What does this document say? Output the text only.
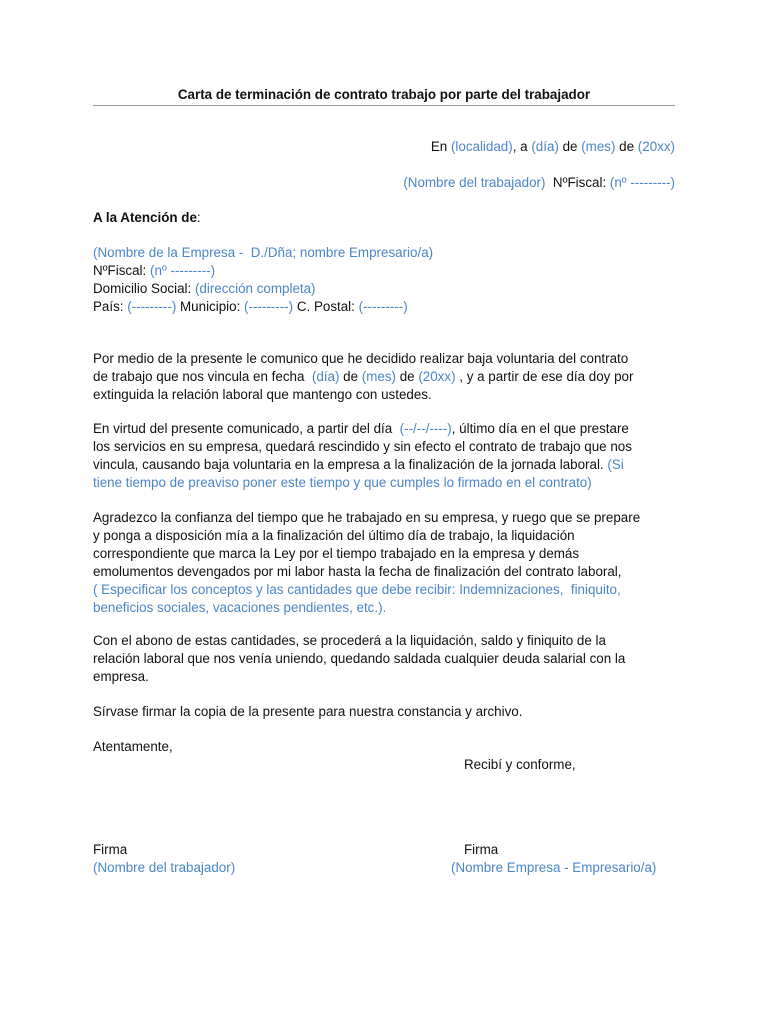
Carta de terminación de contrato trabajo por parte del trabajador
En (localidad), a (día) de (mes) de (20xx)
(Nombre del trabajador)  NºFiscal: (nº ---------)
A la Atención de:
(Nombre de la Empresa -  D./Dña; nombre Empresario/a)
NºFiscal: (nº ---------)
Domicilio Social: (dirección completa)
País: (---------) Municipio: (---------) C. Postal: (---------)
Por medio de la presente le comunico que he decidido realizar baja voluntaria del contrato
de trabajo que nos vincula en fecha  (día) de (mes) de (20xx) , y a partir de ese día doy por
extinguida la relación laboral que mantengo con ustedes.
En virtud del presente comunicado, a partir del día  (--/--/----), último día en el que prestare
los servicios en su empresa, quedará rescindido y sin efecto el contrato de trabajo que nos
vincula, causando baja voluntaria en la empresa a la finalización de la jornada laboral. (Si
tiene tiempo de preaviso poner este tiempo y que cumples lo firmado en el contrato)
Agradezco la confianza del tiempo que he trabajado en su empresa, y ruego que se prepare
y ponga a disposición mía a la finalización del último día de trabajo, la liquidación
correspondiente que marca la Ley por el tiempo trabajado en la empresa y demás
emolumentos devengados por mi labor hasta la fecha de finalización del contrato laboral,
( Especificar los conceptos y las cantidades que debe recibir: Indemnizaciones,  finiquito,
beneficios sociales, vacaciones pendientes, etc.).
Con el abono de estas cantidades, se procederá a la liquidación, saldo y finiquito de la
relación laboral que nos venía uniendo, quedando saldada cualquier deuda salarial con la
empresa.
Sírvase firmar la copia de la presente para nuestra constancia y archivo.
Atentamente,
Recibí y conforme,
Firma
(Nombre del trabajador)
Firma
(Nombre Empresa - Empresario/a)
